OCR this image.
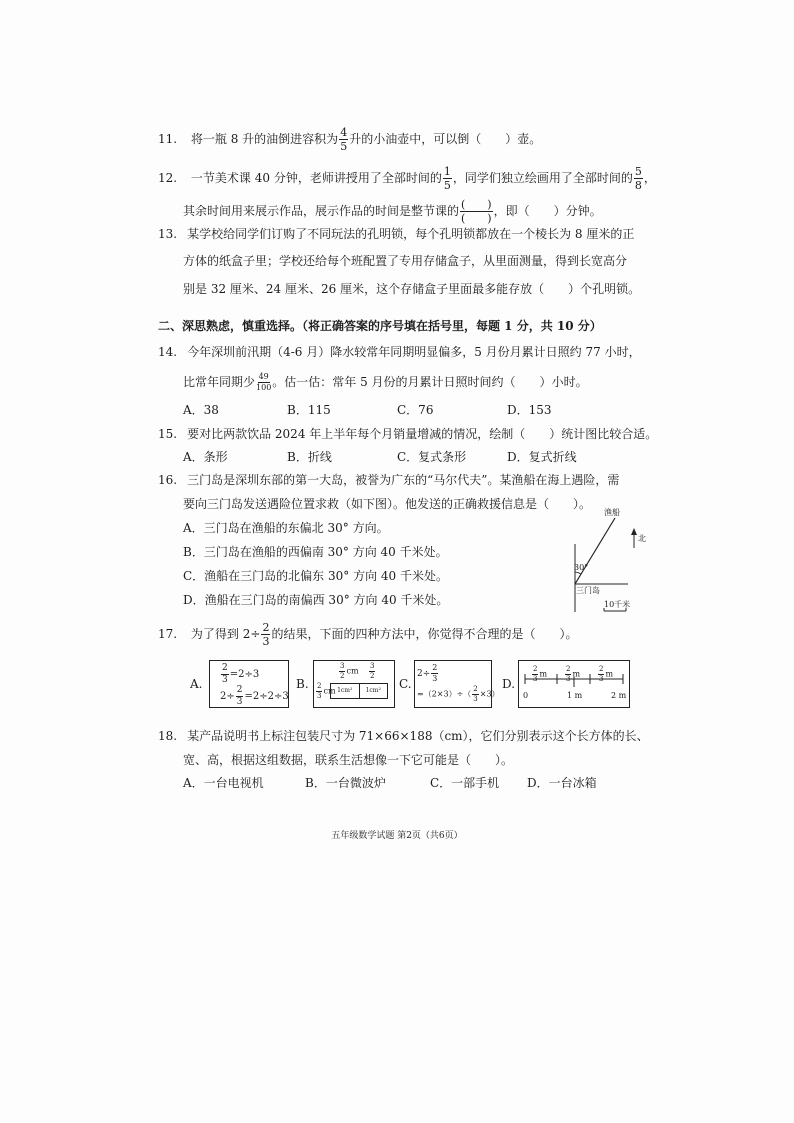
11. 将一瓶 8 升的油倒进容积为 $\frac{4}{5}$ 升的小油壶中，可以倒（　　）壶。
12. 一节美术课 40 分钟，老师讲授用了全部时间的 $\frac{1}{5}$ ，同学们独立绘画用了全部时间的 $\frac{5}{8}$ ，
其余时间用来展示作品，展示作品的时间是整节课的 $\frac{( )}{( )}$ ，即（　　）分钟。
13. 某学校给同学们订购了不同玩法的孔明锁，每个孔明锁都放在一个棱长为 8 厘米的正
方体的纸盒子里；学校还给每个班配置了专用存储盒子，从里面测量，得到长宽高分
别是 32 厘米、24 厘米、26 厘米，这个存储盒子里面最多能存放（　　）个孔明锁。
二、深思熟虑，慎重选择。（将正确答案的序号填在括号里，每题 1 分，共 10 分）
14. 今年深圳前汛期（4-6 月）降水较常年同期明显偏多，5 月份月累计日照约 77 小时，
比常年同期少 $\frac{49}{100}$ 。估一估：常年 5 月份的月累计日照时间约（　　）小时。
A．38	B．115	C．76	D．153
15. 要对比两款饮品 2024 年上半年每个月销量增减的情况，绘制（　　）统计图比较合适。
A．条形	B．折线	C．复式条形	D．复式折线
16. 三门岛是深圳东部的第一大岛，被誉为广东的“马尔代夫”。某渔船在海上遇险，需
要向三门岛发送遇险位置求救（如下图）。他发送的正确救援信息是（　　）。
A．三门岛在渔船的东偏北 30° 方向。
B．三门岛在渔船的西偏南 30° 方向 40 千米处。
C．渔船在三门岛的北偏东 30° 方向 40 千米处。
D．渔船在三门岛的南偏西 30° 方向 40 千米处。
渔船
北
30°
三门岛
10千米
17. 为了得到 $2\div \frac{2}{3}$ 的结果，下面的四种方法中，你觉得不合理的是（　　）。
A. $\frac{2}{3} =2\div 3$
$2\div \frac{2}{3} =2\div 2\div 3$
B.
$\frac{3}{2}$ cm $\frac{3}{2}$
$\frac{2}{3}$ cm 1cm²	1cm²	C.
$2\div \frac{2}{3}$
$=(2\times 3)\div( \frac{2}{3} \times 3)$
D.
$\frac{2}{3}$ m	$\frac{2}{3}$ m	$\frac{2}{3}$ m
0	1 m	2 m
18. 某产品说明书上标注包装尺寸为 71×66×188（cm），它们分别表示这个长方体的长、
宽、高，根据这组数据，联系生活想像一下它可能是（　　）。
A．一台电视机	B．一台微波炉	C．一部手机 D．一台冰箱
五年级数学试题 第2页（共6页）
